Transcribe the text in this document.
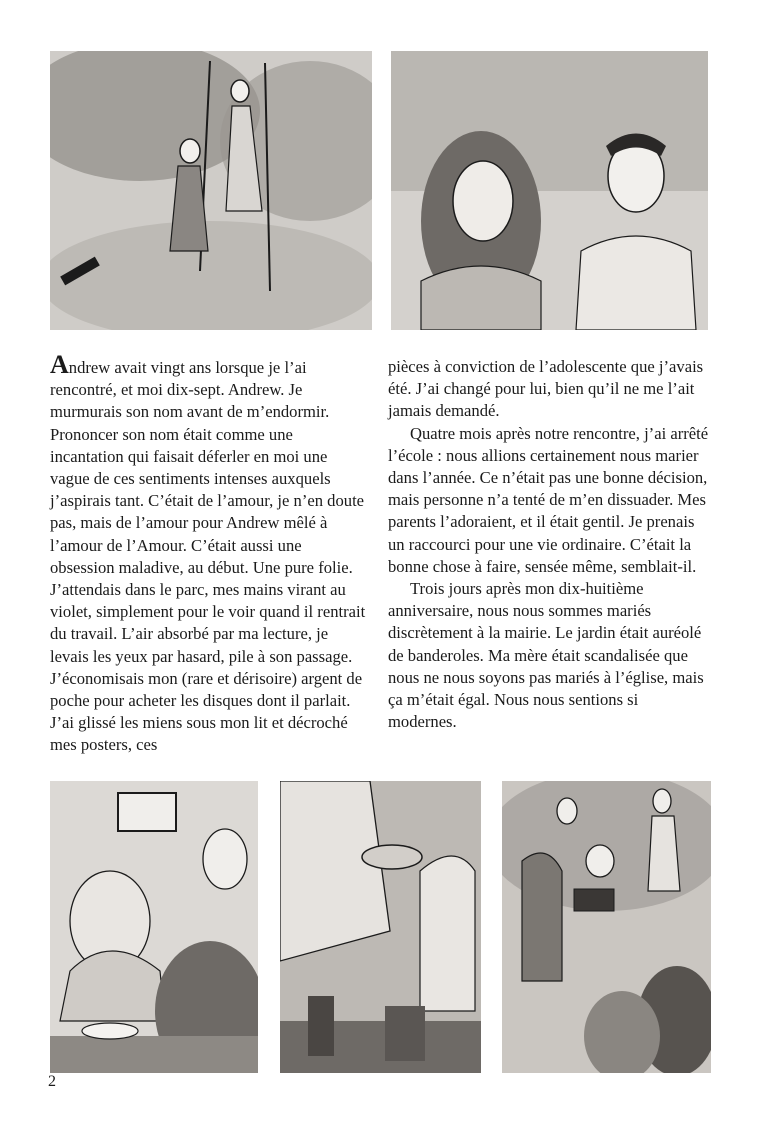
Andrew avait vingt ans lorsque je l’ai rencontré, et moi dix-sept. Andrew. Je murmurais son nom avant de m’endormir. Prononcer son nom était comme une incantation qui faisait déferler en moi une vague de ces sentiments intenses auxquels j’aspirais tant. C’était de l’amour, je n’en doute pas, mais de l’amour pour Andrew mêlé à l’amour de l’Amour. C’était aussi une obsession maladive, au début. Une pure folie. J’attendais dans le parc, mes mains virant au violet, simplement pour le voir quand il rentrait du travail. L’air absorbé par ma lecture, je levais les yeux par hasard, pile à son passage. J’économisais mon (rare et dérisoire) argent de poche pour acheter les disques dont il parlait. J’ai glissé les miens sous mon lit et décroché mes posters, ces

pièces à conviction de l’adolescente que j’avais été. J’ai changé pour lui, bien qu’il ne me l’ait jamais demandé.

Quatre mois après notre rencontre, j’ai arrêté l’école : nous allions certainement nous marier dans l’année. Ce n’était pas une bonne décision, mais personne n’a tenté de m’en dissuader. Mes parents l’adoraient, et il était gentil. Je prenais un raccourci pour une vie ordinaire. C’était la bonne chose à faire, sensée même, semblait-il.

Trois jours après mon dix-huitième anniversaire, nous nous sommes mariés discrètement à la mairie. Le jardin était auréolé de banderoles. Ma mère était scandalisée que nous ne nous soyons pas mariés à l’église, mais ça m’était égal. Nous nous sentions si modernes.

2
